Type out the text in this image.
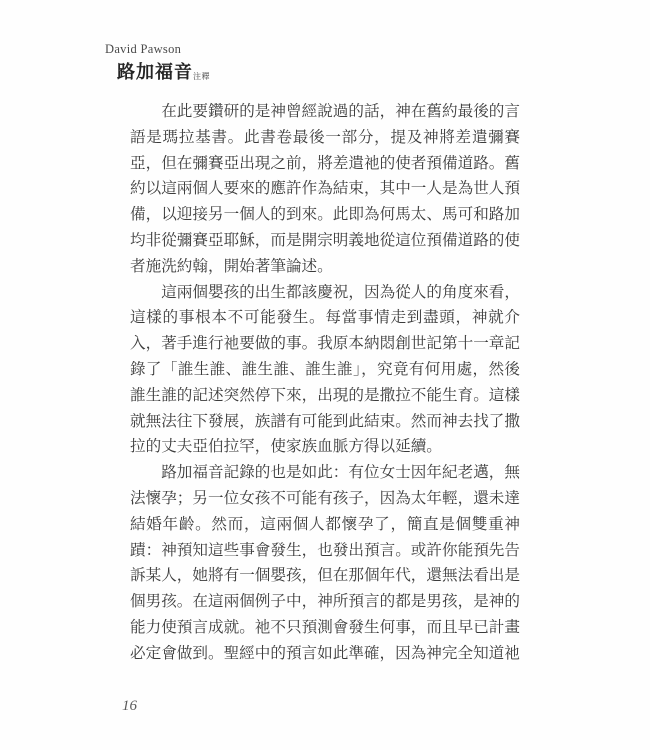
David Pawson
路加福音注釋

在此要鑽研的是神曾經說過的話，神在舊約最後的言語是瑪拉基書。此書卷最後一部分，提及神將差遣彌賽亞，但在彌賽亞出現之前，將差遣祂的使者預備道路。舊約以這兩個人要來的應許作為結束，其中一人是為世人預備，以迎接另一個人的到來。此即為何馬太、馬可和路加均非從彌賽亞耶穌，而是開宗明義地從這位預備道路的使者施洗約翰，開始著筆論述。

這兩個嬰孩的出生都該慶祝，因為從人的角度來看，這樣的事根本不可能發生。每當事情走到盡頭，神就介入，著手進行祂要做的事。我原本納悶創世記第十一章記錄了「誰生誰、誰生誰、誰生誰」，究竟有何用處，然後誰生誰的記述突然停下來，出現的是撒拉不能生育。這樣就無法往下發展，族譜有可能到此結束。然而神去找了撒拉的丈夫亞伯拉罕，使家族血脈方得以延續。

路加福音記錄的也是如此：有位女士因年紀老邁，無法懷孕；另一位女孩不可能有孩子，因為太年輕，還未達結婚年齡。然而，這兩個人都懷孕了，簡直是個雙重神蹟：神預知這些事會發生，也發出預言。或許你能預先告訴某人，她將有一個嬰孩，但在那個年代，還無法看出是個男孩。在這兩個例子中，神所預言的都是男孩，是神的能力使預言成就。祂不只預測會發生何事，而且早已計畫必定會做到。聖經中的預言如此準確，因為神完全知道祂

16
